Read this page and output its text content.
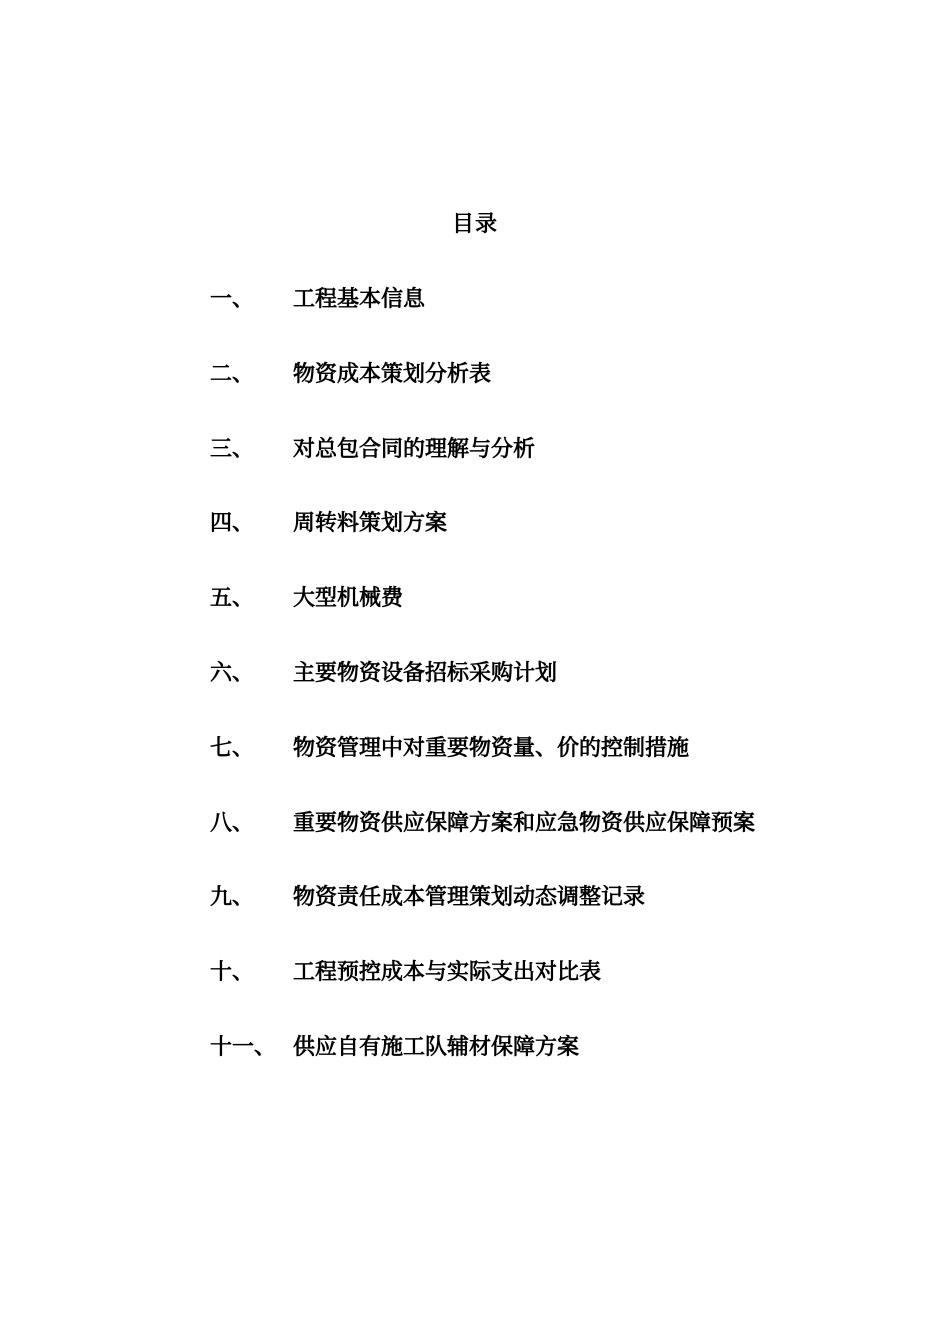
目录
一、	工程基本信息
二、	物资成本策划分析表
三、	对总包合同的理解与分析
四、	周转料策划方案
五、	大型机械费
六、	主要物资设备招标采购计划
七、	物资管理中对重要物资量、价的控制措施
八、	重要物资供应保障方案和应急物资供应保障预案
九、	物资责任成本管理策划动态调整记录
十、	工程预控成本与实际支出对比表
十一、 供应自有施工队辅材保障方案
